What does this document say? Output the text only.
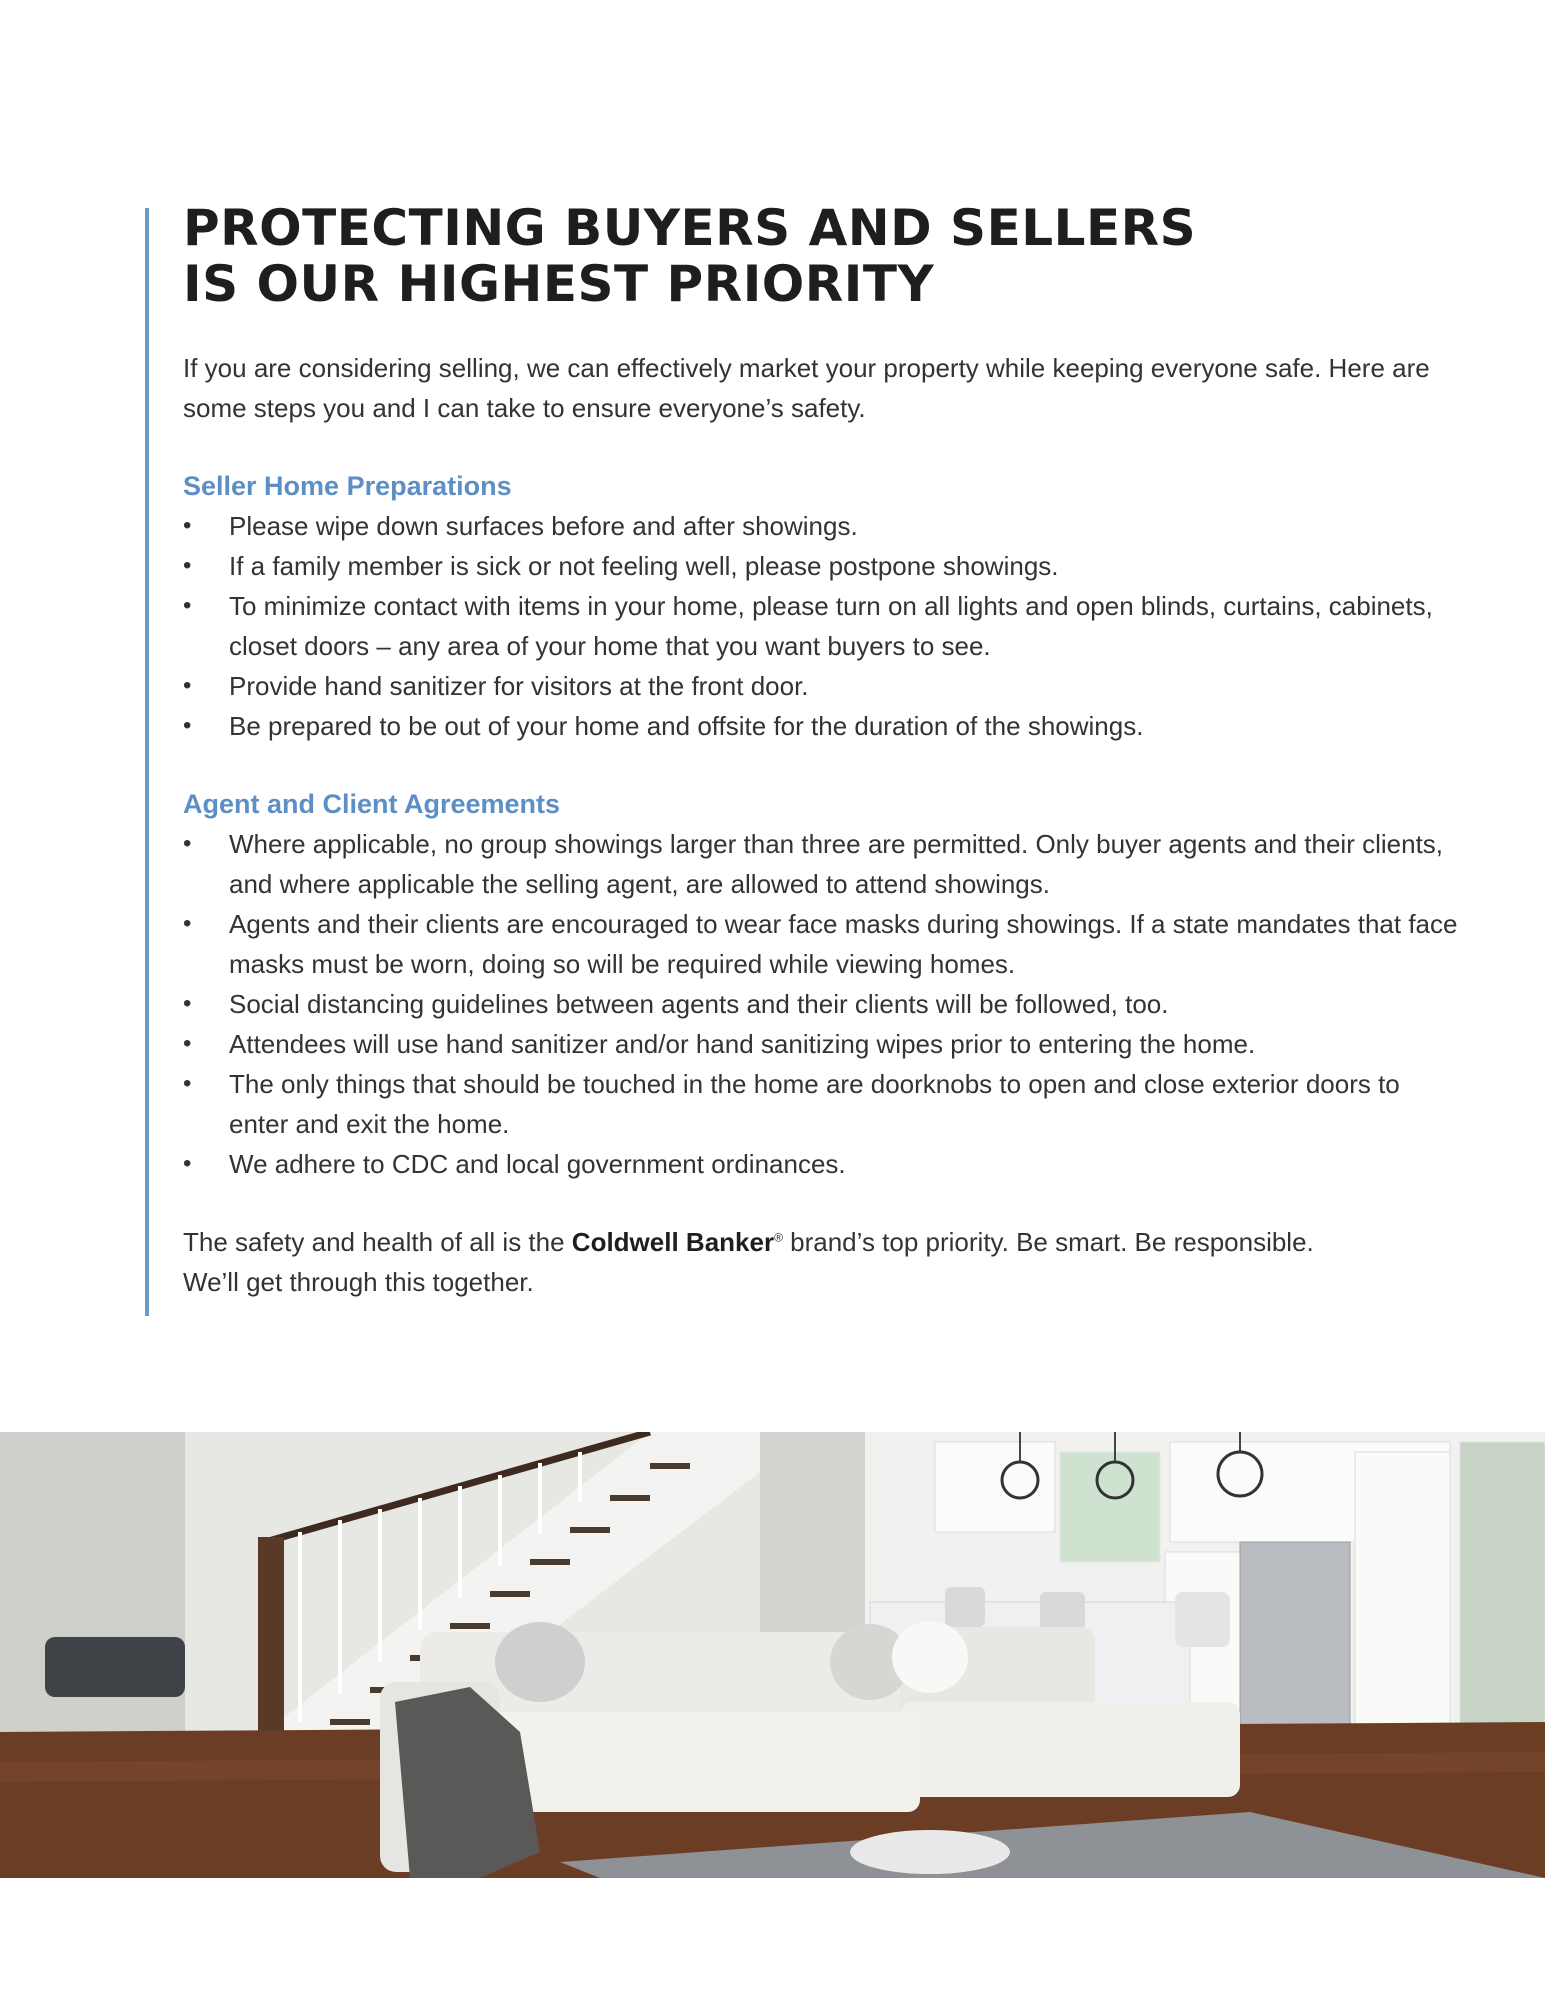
PROTECTING BUYERS AND SELLERS
IS OUR HIGHEST PRIORITY

If you are considering selling, we can effectively market your property while keeping everyone safe. Here are some steps you and I can take to ensure everyone’s safety.

Seller Home Preparations
• Please wipe down surfaces before and after showings.
• If a family member is sick or not feeling well, please postpone showings.
• To minimize contact with items in your home, please turn on all lights and open blinds, curtains, cabinets, closet doors – any area of your home that you want buyers to see.
• Provide hand sanitizer for visitors at the front door.
• Be prepared to be out of your home and offsite for the duration of the showings.
Agent and Client Agreements
• Where applicable, no group showings larger than three are permitted. Only buyer agents and their clients, and where applicable the selling agent, are allowed to attend showings.
• Agents and their clients are encouraged to wear face masks during showings. If a state mandates that face masks must be worn, doing so will be required while viewing homes.
• Social distancing guidelines between agents and their clients will be followed, too.
• Attendees will use hand sanitizer and/or hand sanitizing wipes prior to entering the home.
• The only things that should be touched in the home are doorknobs to open and close exterior doors to enter and exit the home.
• We adhere to CDC and local government ordinances.

The safety and health of all is the Coldwell Banker® brand’s top priority. Be smart. Be responsible.
We’ll get through this together.
